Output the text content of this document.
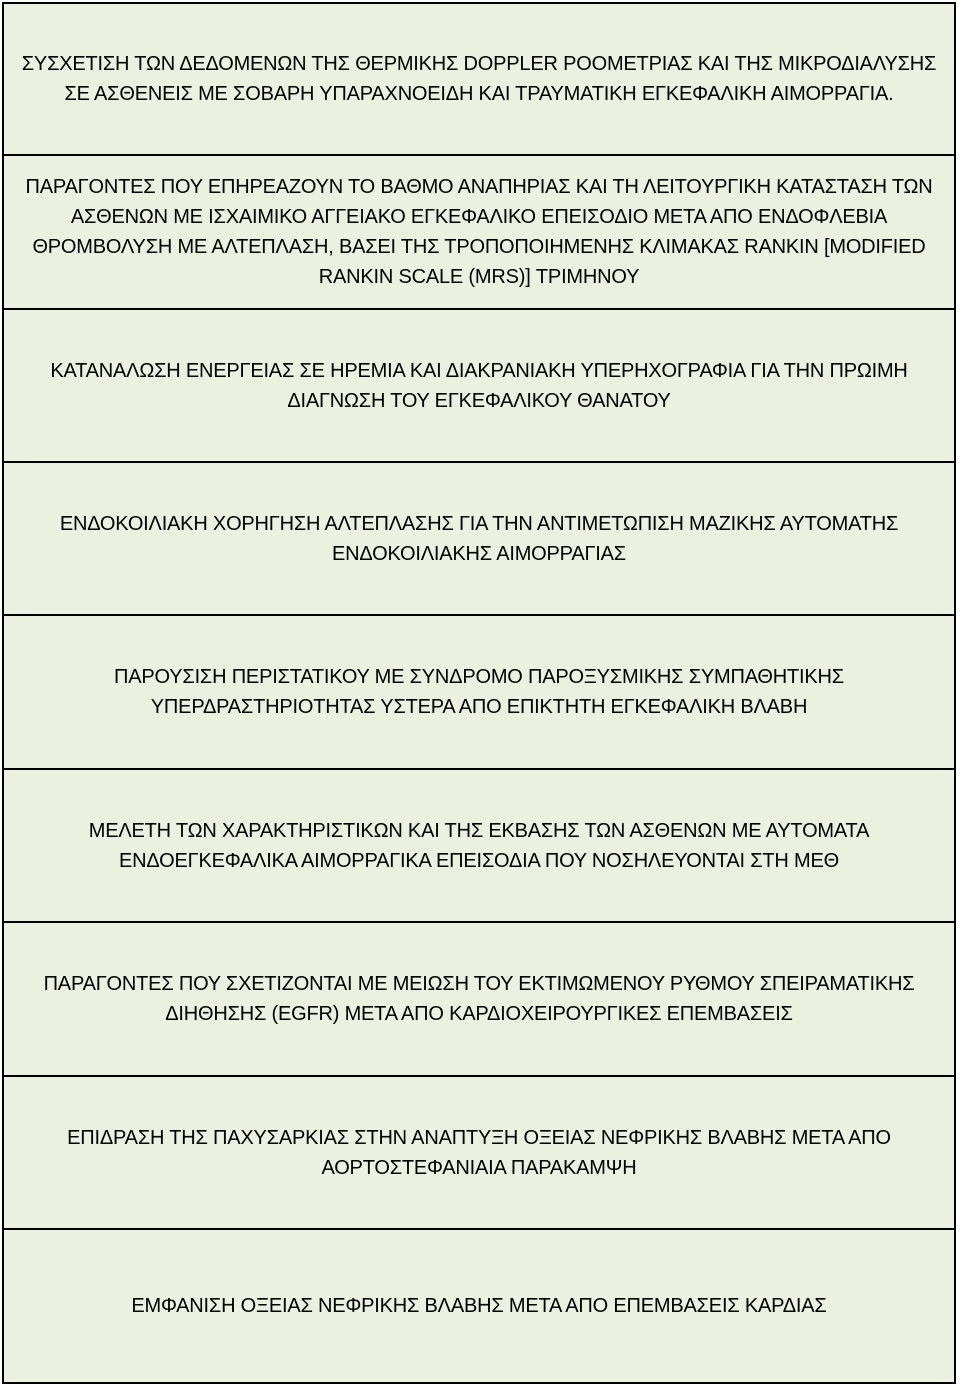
ΣΥΣΧΕΤΙΣΗ ΤΩΝ ΔΕΔΟΜΕΝΩΝ ΤΗΣ ΘΕΡΜΙΚΗΣ DOPPLER ΡΟΟΜΕΤΡΙΑΣ ΚΑΙ ΤΗΣ ΜΙΚΡΟΔΙΑΛΥΣΗΣ ΣΕ ΑΣΘΕΝΕΙΣ ΜΕ ΣΟΒΑΡΗ ΥΠΑΡΑΧΝΟΕΙΔΗ ΚΑΙ ΤΡΑΥΜΑΤΙΚΗ ΕΓΚΕΦΑΛΙΚΗ ΑΙΜΟΡΡΑΓΙΑ.
ΠΑΡΑΓΟΝΤΕΣ ΠΟΥ ΕΠΗΡΕΑΖΟΥΝ ΤΟ ΒΑΘΜΟ ΑΝΑΠΗΡΙΑΣ ΚΑΙ ΤΗ ΛΕΙΤΟΥΡΓΙΚΗ ΚΑΤΑΣΤΑΣΗ ΤΩΝ ΑΣΘΕΝΩΝ ΜΕ ΙΣΧΑΙΜΙΚΟ ΑΓΓΕΙΑΚΟ ΕΓΚΕΦΑΛΙΚΟ ΕΠΕΙΣΟΔΙΟ ΜΕΤΑ ΑΠΟ ΕΝΔΟΦΛΕΒΙΑ ΘΡΟΜΒΟΛΥΣΗ ΜΕ ΑΛΤΕΠΛΑΣΗ, ΒΑΣΕΙ ΤΗΣ ΤΡΟΠΟΠΟΙΗΜΕΝΗΣ ΚΛΙΜΑΚΑΣ RANKIN [MODIFIED RANKIN SCALE (MRS)] ΤΡΙΜΗΝΟΥ
ΚΑΤΑΝΑΛΩΣΗ ΕΝΕΡΓΕΙΑΣ ΣΕ ΗΡΕΜΙΑ ΚΑΙ ΔΙΑΚΡΑΝΙΑΚΗ ΥΠΕΡΗΧΟΓΡΑΦΙΑ ΓΙΑ ΤΗΝ ΠΡΩΙΜΗ ΔΙΑΓΝΩΣΗ ΤΟΥ ΕΓΚΕΦΑΛΙΚΟΥ ΘΑΝΑΤΟΥ
ΕΝΔΟΚΟΙΛΙΑΚΗ ΧΟΡΗΓΗΣΗ ΑΛΤΕΠΛΑΣΗΣ ΓΙΑ ΤΗΝ ΑΝΤΙΜΕΤΩΠΙΣΗ ΜΑΖΙΚΗΣ ΑΥΤΟΜΑΤΗΣ ΕΝΔΟΚΟΙΛΙΑΚΗΣ ΑΙΜΟΡΡΑΓΙΑΣ
ΠΑΡΟΥΣΙΣΗ ΠΕΡΙΣΤΑΤΙΚΟΥ ΜΕ ΣΥΝΔΡΟΜΟ ΠΑΡΟΞΥΣΜΙΚΗΣ ΣΥΜΠΑΘΗΤΙΚΗΣ ΥΠΕΡΔΡΑΣΤΗΡΙΟΤΗΤΑΣ ΥΣΤΕΡΑ ΑΠΟ ΕΠΙΚΤΗΤΗ ΕΓΚΕΦΑΛΙΚΗ ΒΛΑΒΗ
ΜΕΛΕΤΗ ΤΩΝ ΧΑΡΑΚΤΗΡΙΣΤΙΚΩΝ ΚΑΙ ΤΗΣ ΕΚΒΑΣΗΣ ΤΩΝ ΑΣΘΕΝΩΝ ΜΕ ΑΥΤΟΜΑΤΑ ΕΝΔΟΕΓΚΕΦΑΛΙΚΑ ΑΙΜΟΡΡΑΓΙΚΑ ΕΠΕΙΣΟΔΙΑ ΠΟΥ ΝΟΣΗΛΕΥΟΝΤΑΙ ΣΤΗ ΜΕΘ
ΠΑΡΑΓΟΝΤΕΣ ΠΟΥ ΣΧΕΤΙΖΟΝΤΑΙ ΜΕ ΜΕΙΩΣΗ ΤΟΥ ΕΚΤΙΜΩΜΕΝΟΥ ΡΥΘΜΟΥ ΣΠΕΙΡΑΜΑΤΙΚΗΣ ΔΙΗΘΗΣΗΣ (EGFR) ΜΕΤΑ ΑΠΟ ΚΑΡΔΙΟΧΕΙΡΟΥΡΓΙΚΕΣ ΕΠΕΜΒΑΣΕΙΣ
ΕΠΙΔΡΑΣΗ ΤΗΣ ΠΑΧΥΣΑΡΚΙΑΣ ΣΤΗΝ ΑΝΑΠΤΥΞΗ ΟΞΕΙΑΣ ΝΕΦΡΙΚΗΣ ΒΛΑΒΗΣ ΜΕΤΑ ΑΠΟ ΑΟΡΤΟΣΤΕΦΑΝΙΑΙΑ ΠΑΡΑΚΑΜΨΗ
ΕΜΦΑΝΙΣΗ ΟΞΕΙΑΣ ΝΕΦΡΙΚΗΣ ΒΛΑΒΗΣ ΜΕΤΑ ΑΠΟ ΕΠΕΜΒΑΣΕΙΣ ΚΑΡΔΙΑΣ
